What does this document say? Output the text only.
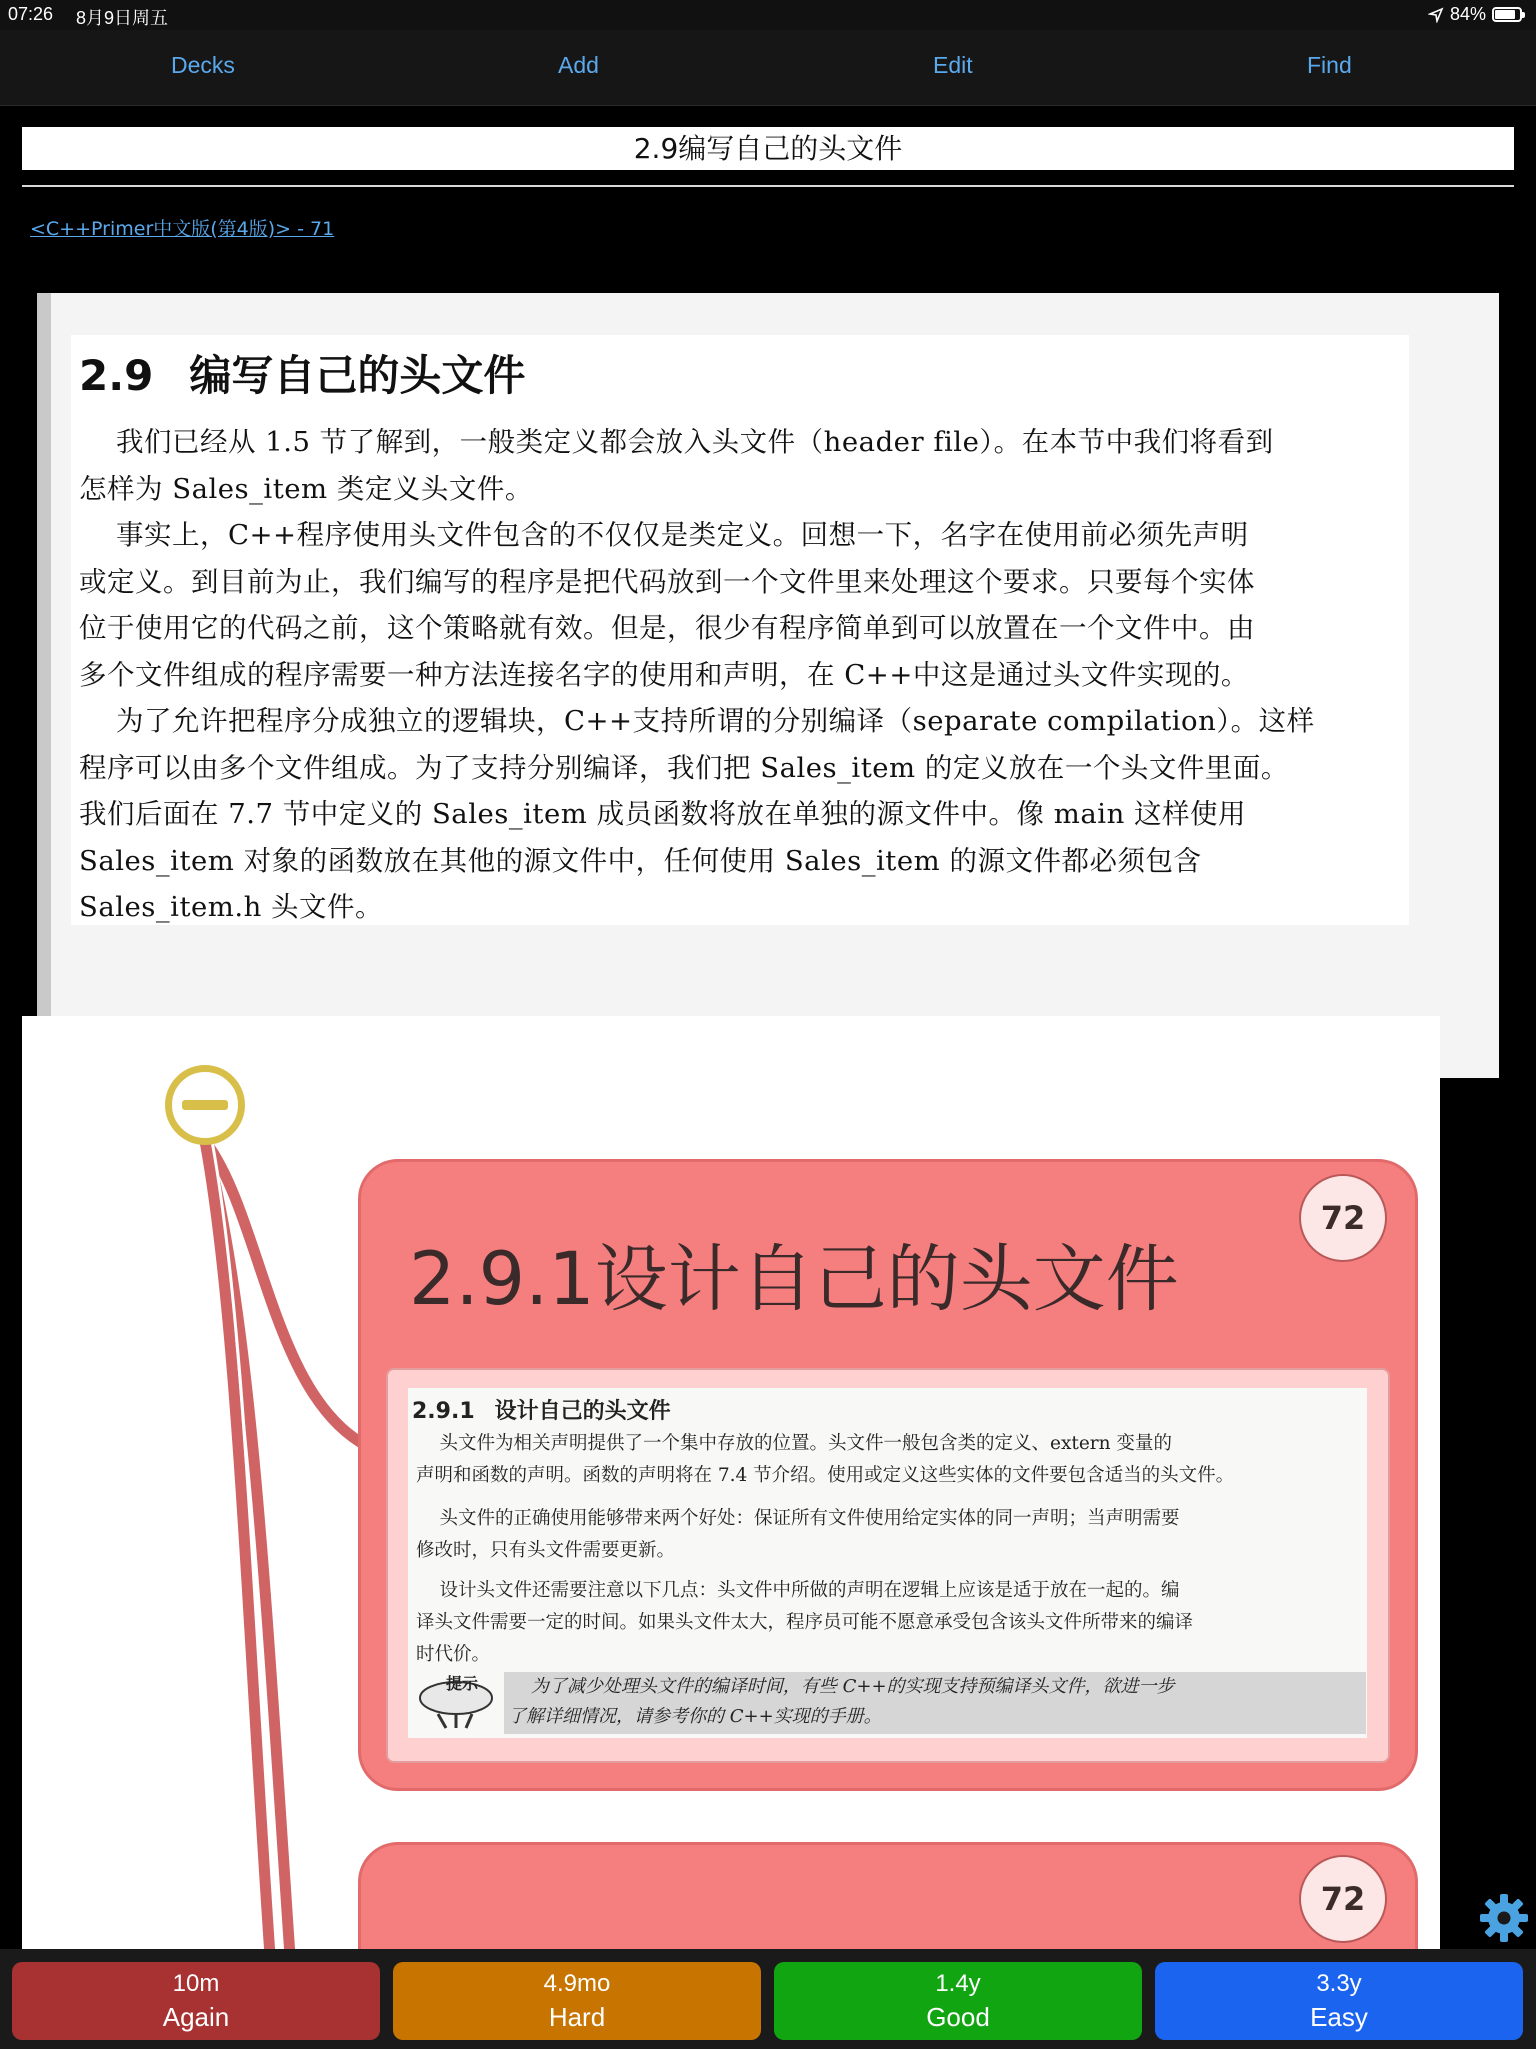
07:26 8月9日周五	84%
Decks	Add	Edit	Find
2.9编写自己的头文件
<C++Primer中文版(第4版)> - 71
2.9 编写自己的头文件
我们已经从 1.5 节了解到，一般类定义都会放入头文件（header file）。在本节中我们将看到
怎样为 Sales_item 类定义头文件。
事实上，C++程序使用头文件包含的不仅仅是类定义。回想一下，名字在使用前必须先声明
或定义。到目前为止，我们编写的程序是把代码放到一个文件里来处理这个要求。只要每个实体
位于使用它的代码之前，这个策略就有效。但是，很少有程序简单到可以放置在一个文件中。由
多个文件组成的程序需要一种方法连接名字的使用和声明，在 C++中这是通过头文件实现的。
为了允许把程序分成独立的逻辑块，C++支持所谓的分别编译（separate compilation）。这样
程序可以由多个文件组成。为了支持分别编译，我们把 Sales_item 的定义放在一个头文件里面。
我们后面在 7.7 节中定义的 Sales_item 成员函数将放在单独的源文件中。像 main 这样使用
Sales_item 对象的函数放在其他的源文件中，任何使用 Sales_item 的源文件都必须包含
Sales_item.h 头文件。
72
2.9.1设计自己的头文件
2.9.1 设计自己的头文件
头文件为相关声明提供了一个集中存放的位置。头文件一般包含类的定义、extern 变量的
声明和函数的声明。函数的声明将在 7.4 节介绍。使用或定义这些实体的文件要包含适当的头文件。
头文件的正确使用能够带来两个好处：保证所有文件使用给定实体的同一声明；当声明需要
修改时，只有头文件需要更新。
设计头文件还需要注意以下几点：头文件中所做的声明在逻辑上应该是适于放在一起的。编
译头文件需要一定的时间。如果头文件太大，程序员可能不愿意承受包含该头文件所带来的编译
时代价。
提示	为了减少处理头文件的编译时间，有些 C++的实现支持预编译头文件，欲进一步
了解详细情况，请参考你的 C++实现的手册。
72
10m
Again
4.9mo
Hard
1.4y
Good
3.3y
Easy
